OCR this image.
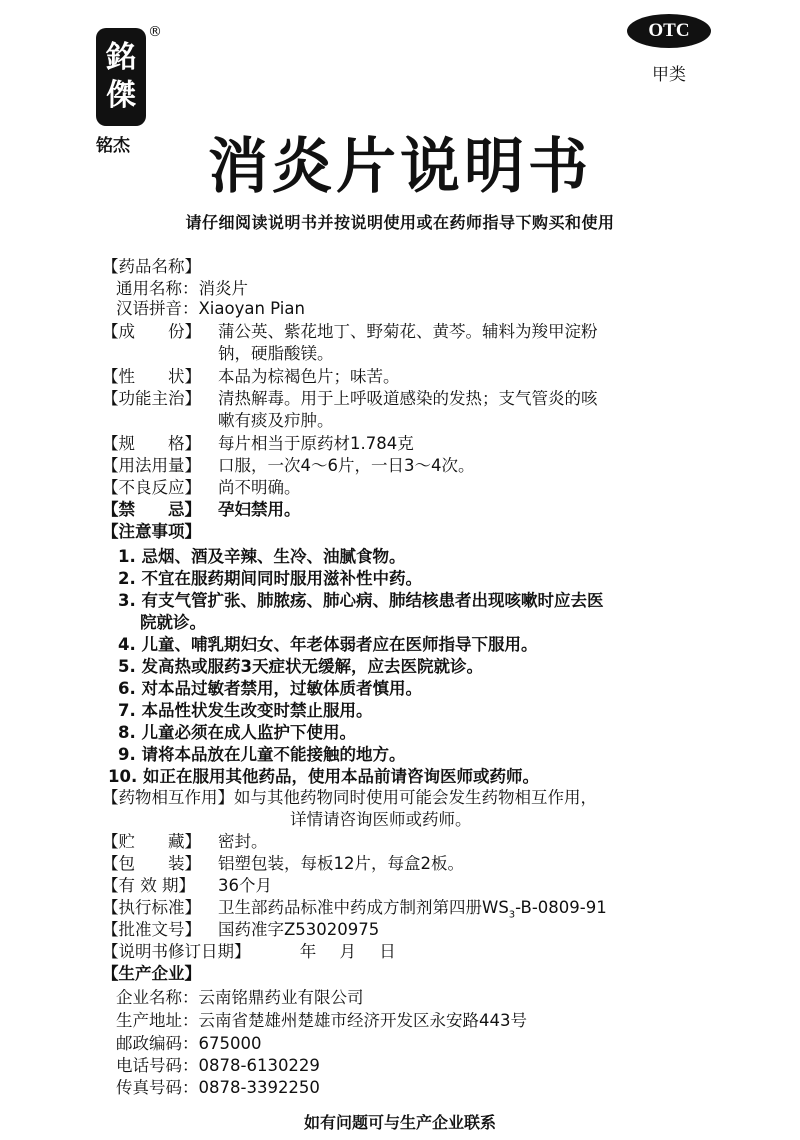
銘
傑
®
铭杰
OTC
甲类
消炎片说明书
请仔细阅读说明书并按说明使用或在药师指导下购买和使用
【药品名称】
通用名称：消炎片
汉语拼音：Xiaoyan Pian
【成　　份】 蒲公英、紫花地丁、野菊花、黄芩。辅料为羧甲淀粉
钠，硬脂酸镁。
【性　　状】 本品为棕褐色片；味苦。
【功能主治】 清热解毒。用于上呼吸道感染的发热；支气管炎的咳
嗽有痰及疖肿。
【规　　格】 每片相当于原药材1.784克
【用法用量】 口服，一次4～6片，一日3～4次。
【不良反应】 尚不明确。
【禁　　忌】 孕妇禁用。
【注意事项】
1. 忌烟、酒及辛辣、生冷、油腻食物。
2. 不宜在服药期间同时服用滋补性中药。
3. 有支气管扩张、肺脓疡、肺心病、肺结核患者出现咳嗽时应去医
院就诊。
4. 儿童、哺乳期妇女、年老体弱者应在医师指导下服用。
5. 发高热或服药3天症状无缓解，应去医院就诊。
6. 对本品过敏者禁用，过敏体质者慎用。
7. 本品性状发生改变时禁止服用。
8. 儿童必须在成人监护下使用。
9. 请将本品放在儿童不能接触的地方。
10. 如正在服用其他药品，使用本品前请咨询医师或药师。
【药物相互作用】如与其他药物同时使用可能会发生药物相互作用，
详情请咨询医师或药师。
【贮　　藏】 密封。
【包　　装】 铝塑包装，每板12片，每盒2板。
【有 效 期】 36个月
【执行标准】 卫生部药品标准中药成方制剂第四册$WS_3-B-0809-91$
【批准文号】 国药准字Z53020975
【说明书修订日期】	年 月 日
【生产企业】
企业名称：云南铭鼎药业有限公司
生产地址：云南省楚雄州楚雄市经济开发区永安路443号
邮政编码：675000
电话号码：0878-6130229
传真号码：0878-3392250
如有问题可与生产企业联系
